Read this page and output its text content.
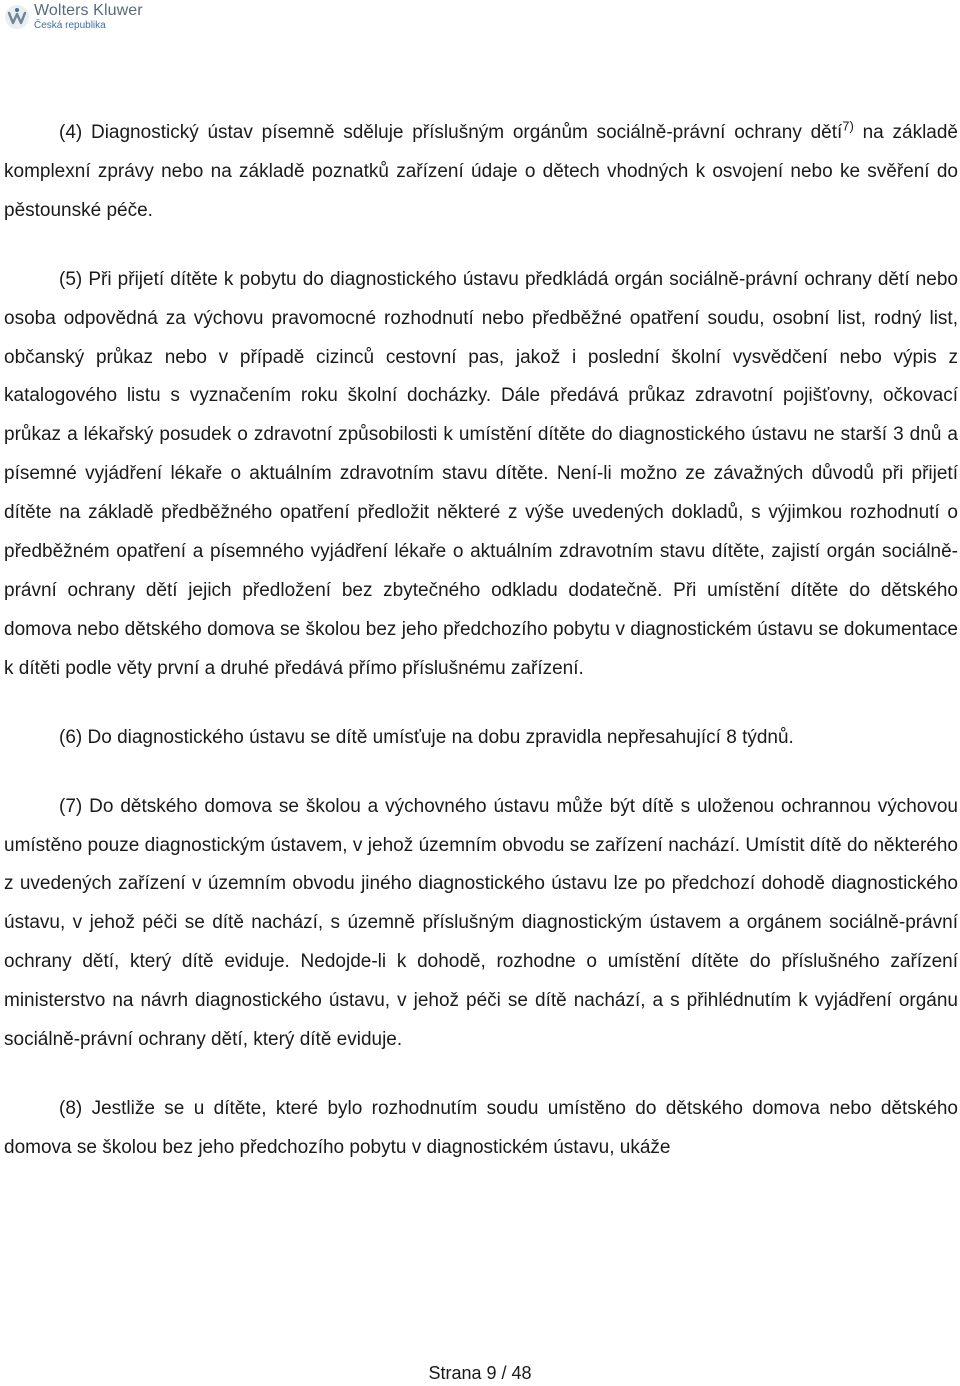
Wolters Kluwer
Česká republika

(4) Diagnostický ústav písemně sděluje příslušným orgánům sociálně-právní ochrany dětí$^{7)}$ na základě komplexní zprávy nebo na základě poznatků zařízení údaje o dětech vhodných k osvojení nebo ke svěření do pěstounské péče.

(5) Při přijetí dítěte k pobytu do diagnostického ústavu předkládá orgán sociálně-právní ochrany dětí nebo osoba odpovědná za výchovu pravomocné rozhodnutí nebo předběžné opatření soudu, osobní list, rodný list, občanský průkaz nebo v případě cizinců cestovní pas, jakož i poslední školní vysvědčení nebo výpis z katalogového listu s vyznačením roku školní docházky. Dále předává průkaz zdravotní pojišťovny, očkovací průkaz a lékařský posudek o zdravotní způsobilosti k umístění dítěte do diagnostického ústavu ne starší 3 dnů a písemné vyjádření lékaře o aktuálním zdravotním stavu dítěte. Není-li možno ze závažných důvodů při přijetí dítěte na základě předběžného opatření předložit některé z výše uvedených dokladů, s výjimkou rozhodnutí o předběžném opatření a písemného vyjádření lékaře o aktuálním zdravotním stavu dítěte, zajistí orgán sociálně-právní ochrany dětí jejich předložení bez zbytečného odkladu dodatečně. Při umístění dítěte do dětského domova nebo dětského domova se školou bez jeho předchozího pobytu v diagnostickém ústavu se dokumentace k dítěti podle věty první a druhé předává přímo příslušnému zařízení.

(6) Do diagnostického ústavu se dítě umísťuje na dobu zpravidla nepřesahující 8 týdnů.

(7) Do dětského domova se školou a výchovného ústavu může být dítě s uloženou ochrannou výchovou umístěno pouze diagnostickým ústavem, v jehož územním obvodu se zařízení nachází. Umístit dítě do některého z uvedených zařízení v územním obvodu jiného diagnostického ústavu lze po předchozí dohodě diagnostického ústavu, v jehož péči se dítě nachází, s územně příslušným diagnostickým ústavem a orgánem sociálně-právní ochrany dětí, který dítě eviduje. Nedojde-li k dohodě, rozhodne o umístění dítěte do příslušného zařízení ministerstvo na návrh diagnostického ústavu, v jehož péči se dítě nachází, a s přihlédnutím k vyjádření orgánu sociálně-právní ochrany dětí, který dítě eviduje.

(8) Jestliže se u dítěte, které bylo rozhodnutím soudu umístěno do dětského domova nebo dětského domova se školou bez jeho předchozího pobytu v diagnostickém ústavu, ukáže

Strana 9 / 48
